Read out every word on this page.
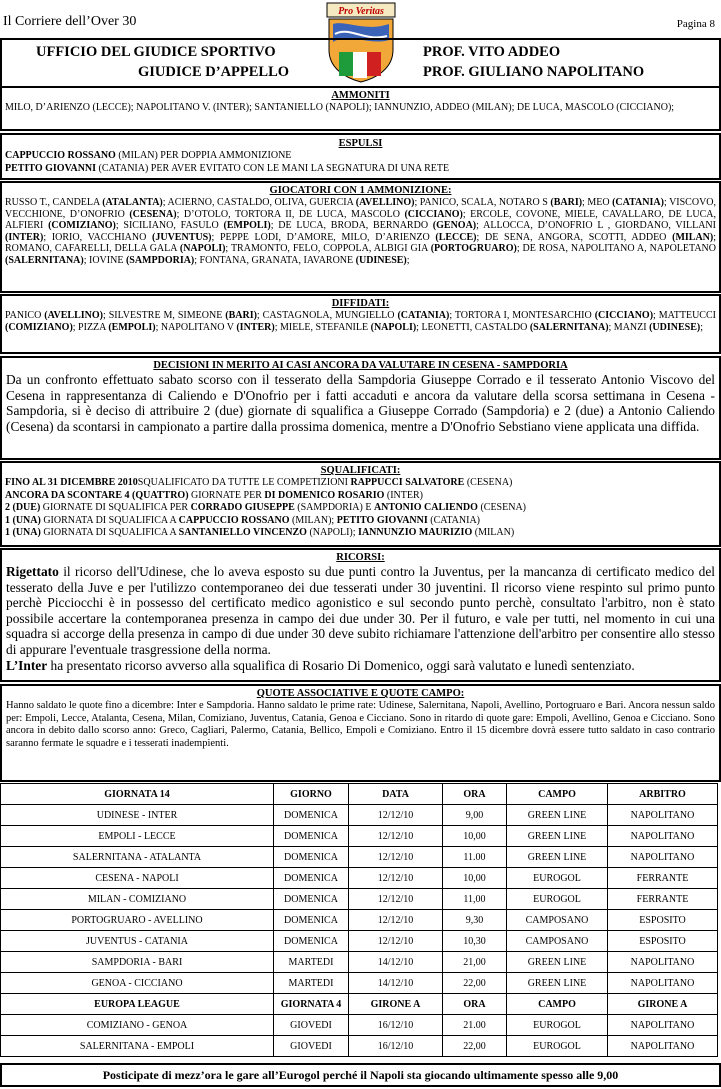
Il Corriere dell’Over 30	Pagina 8
Pro Veritas
UFFICIO DEL GIUDICE SPORTIVO
GIUDICE D’APPELLO
PROF. VITO ADDEO
PROF. GIULIANO NAPOLITANO
AMMONITI
MILO, D’ARIENZO (LECCE); NAPOLITANO V. (INTER); SANTANIELLO (NAPOLI); IANNUNZIO, ADDEO (MILAN); DE LUCA, MASCOLO (CICCIANO);
ESPULSI
CAPPUCCIO ROSSANO (MILAN) PER DOPPIA AMMONIZIONE
PETITO GIOVANNI (CATANIA) PER AVER EVITATO CON LE MANI LA SEGNATURA DI UNA RETE
GIOCATORI CON 1 AMMONIZIONE:
RUSSO T., CANDELA (ATALANTA); ACIERNO, CASTALDO, OLIVA, GUERCIA (AVELLINO); PANICO, SCALA, NOTARO S (BARI); MEO (CATANIA); VISCOVO, VECCHIONE, D’ONOFRIO (CESENA); D’OTOLO, TORTORA II, DE LUCA, MASCOLO (CICCIANO); ERCOLE, COVONE, MIELE, CAVALLARO, DE LUCA, ALFIERI (COMIZIANO); SICILIANO, FASULO (EMPOLI); DE LUCA, BRODA, BERNARDO (GENOA); ALLOCCA, D’ONOFRIO L , GIORDANO, VILLANI (INTER); IORIO, VACCHIANO (JUVENTUS); PEPPE LODI, D’AMORE, MILO, D’ARIENZO (LECCE); DE SENA, ANGORA, SCOTTI, ADDEO (MILAN); ROMANO, CAFARELLI, DELLA GALA (NAPOLI); TRAMONTO, FELO, COPPOLA, ALBIGI GIA (PORTOGRUARO); DE ROSA, NAPOLITANO A, NAPOLETANO (SALERNITANA); IOVINE (SAMPDORIA); FONTANA, GRANATA, IAVARONE (UDINESE);
DIFFIDATI:
PANICO (AVELLINO); SILVESTRE M, SIMEONE (BARI); CASTAGNOLA, MUNGIELLO (CATANIA); TORTORA I, MONTESARCHIO (CICCIANO); MATTEUCCI (COMIZIANO); PIZZA (EMPOLI); NAPOLITANO V (INTER); MIELE, STEFANILE (NAPOLI); LEONETTI, CASTALDO (SALERNITANA); MANZI (UDINESE);
DECISIONI IN MERITO AI CASI ANCORA DA VALUTARE IN CESENA - SAMPDORIA
Da un confronto effettuato sabato scorso con il tesserato della Sampdoria Giuseppe Corrado e il tesserato Antonio Viscovo del Cesena in rappresentanza di Caliendo e D'Onofrio per i fatti accaduti e ancora da valutare della scorsa settimana in Cesena - Sampdoria, si è deciso di attribuire 2 (due) giornate di squalifica a Giuseppe Corrado (Sampdoria) e 2 (due) a Antonio Caliendo (Cesena) da scontarsi in campionato a partire dalla prossima domenica, mentre a D'Onofrio Sebstiano viene applicata una diffida.
SQUALIFICATI:
FINO AL 31 DICEMBRE 2010SQUALIFICATO DA TUTTE LE COMPETIZIONI RAPPUCCI SALVATORE (CESENA)
ANCORA DA SCONTARE 4 (QUATTRO) GIORNATE PER DI DOMENICO ROSARIO (INTER)
2 (DUE) GIORNATE DI SQUALIFICA PER CORRADO GIUSEPPE (SAMPDORIA) E ANTONIO CALIENDO (CESENA)
1 (UNA) GIORNATA DI SQUALIFICA A CAPPUCCIO ROSSANO (MILAN); PETITO GIOVANNI (CATANIA)
1 (UNA) GIORNATA DI SQUALIFICA A SANTANIELLO VINCENZO (NAPOLI); IANNUNZIO MAURIZIO (MILAN)
RICORSI:
Rigettato il ricorso dell'Udinese, che lo aveva esposto su due punti contro la Juventus, per la mancanza di certificato medico del tesserato della Juve e per l'utilizzo contemporaneo dei due tesserati under 30 juventini. Il ricorso viene respinto sul primo punto perchè Picciocchi è in possesso del certificato medico agonistico e sul secondo punto perchè, consultato l'arbitro, non è stato possibile accertare la contemporanea presenza in campo dei due under 30. Per il futuro, e vale per tutti, nel momento in cui una squadra si accorge della presenza in campo di due under 30 deve subito richiamare l'attenzione dell'arbitro per consentire allo stesso di appurare l'eventuale trasgressione della norma.
L’Inter ha presentato ricorso avverso alla squalifica di Rosario Di Domenico, oggi sarà valutato e lunedì sentenziato.
QUOTE ASSOCIATIVE E QUOTE CAMPO:
Hanno saldato le quote fino a dicembre: Inter e Sampdoria. Hanno saldato le prime rate: Udinese, Salernitana, Napoli, Avellino, Portogruaro e Bari. Ancora nessun saldo per: Empoli, Lecce, Atalanta, Cesena, Milan, Comiziano, Juventus, Catania, Genoa e Cicciano. Sono in ritardo di quote gare: Empoli, Avellino, Genoa e Cicciano. Sono ancora in debito dallo scorso anno: Greco, Cagliari, Palermo, Catania, Bellico, Empoli e Comiziano. Entro il 15 dicembre dovrà essere tutto saldato in caso contrario saranno fermate le squadre e i tesserati inadempienti.
GIORNATA 14	GIORNO	DATA	ORA	CAMPO	ARBITRO
UDINESE - INTER	DOMENICA	12/12/10	9,00	GREEN LINE	NAPOLITANO
EMPOLI - LECCE	DOMENICA	12/12/10	10,00	GREEN LINE	NAPOLITANO
SALERNITANA - ATALANTA	DOMENICA	12/12/10	11.00	GREEN LINE	NAPOLITANO
CESENA - NAPOLI	DOMENICA	12/12/10	10,00	EUROGOL	FERRANTE
MILAN - COMIZIANO	DOMENICA	12/12/10	11,00	EUROGOL	FERRANTE
PORTOGRUARO - AVELLINO	DOMENICA	12/12/10	9,30	CAMPOSANO	ESPOSITO
JUVENTUS - CATANIA	DOMENICA	12/12/10	10,30	CAMPOSANO	ESPOSITO
SAMPDORIA - BARI	MARTEDI	14/12/10	21,00	GREEN LINE	NAPOLITANO
GENOA - CICCIANO	MARTEDI	14/12/10	22,00	GREEN LINE	NAPOLITANO
EUROPA LEAGUE	GIORNATA 4	GIRONE A	ORA	CAMPO	GIRONE A
COMIZIANO - GENOA	GIOVEDI	16/12/10	21.00	EUROGOL	NAPOLITANO
SALERNITANA - EMPOLI	GIOVEDI	16/12/10	22,00	EUROGOL	NAPOLITANO
Posticipate di mezz’ora le gare all’Eurogol perché il Napoli sta giocando ultimamente spesso alle 9,00
